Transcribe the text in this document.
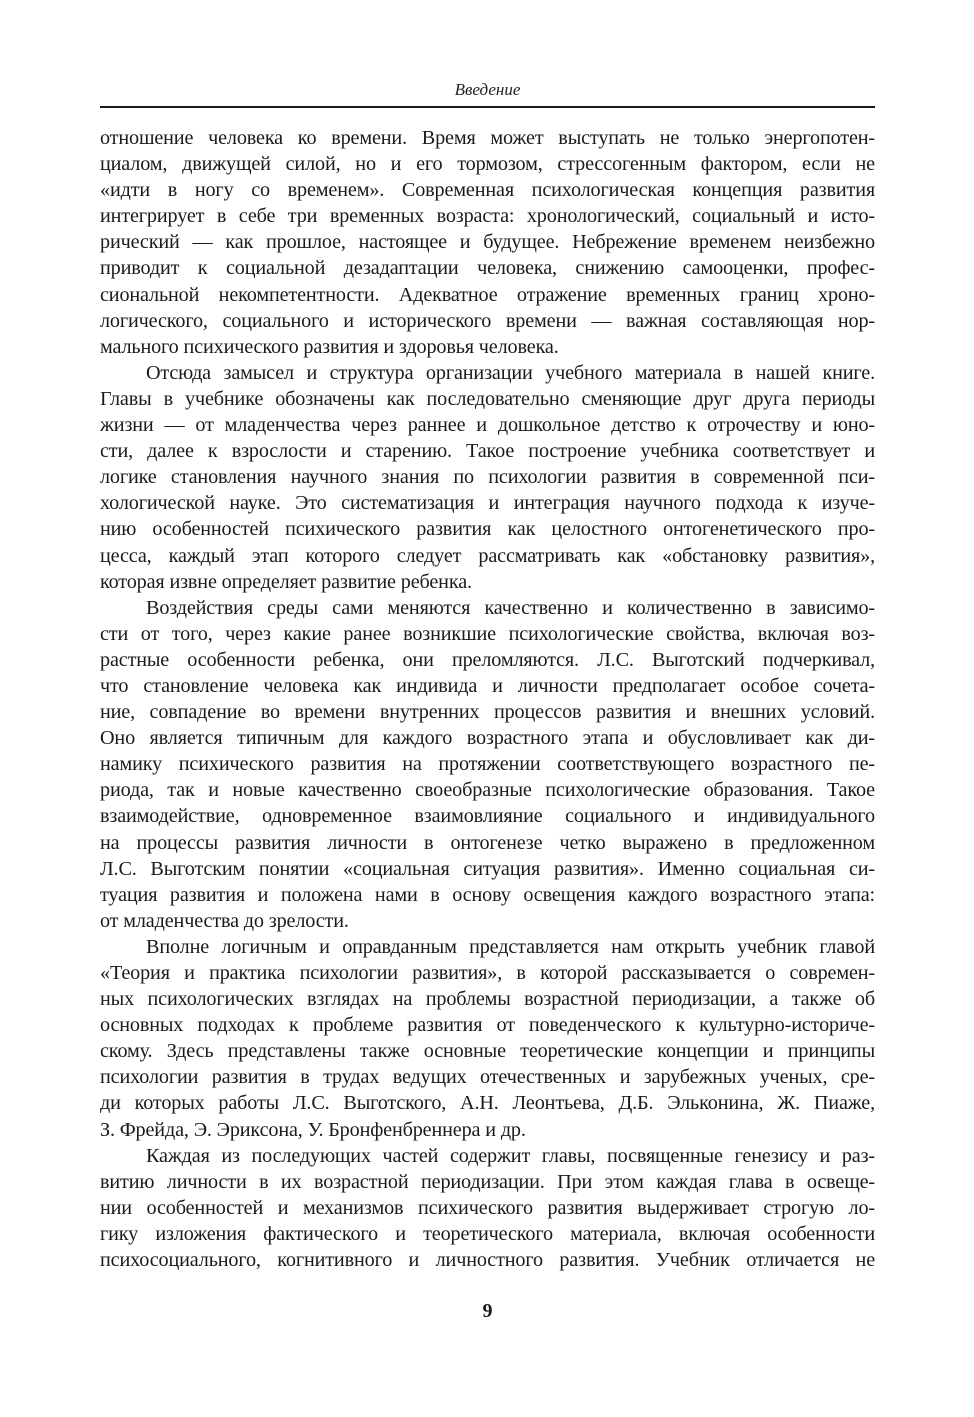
Введение
отношение человека ко времени. Время может выступать не только энергопотен-
циалом, движущей силой, но и его тормозом, стрессогенным фактором, если не
«идти в ногу со временем». Современная психологическая концепция развития
интегрирует в себе три временных возраста: хронологический, социальный и исто-
рический — как прошлое, настоящее и будущее. Небрежение временем неизбежно
приводит к социальной дезадаптации человека, снижению самооценки, профес-
сиональной некомпетентности. Адекватное отражение временных границ хроно-
логического, социального и исторического времени — важная составляющая нор-
мального психического развития и здоровья человека.
Отсюда замысел и структура организации учебного материала в нашей книге.
Главы в учебнике обозначены как последовательно сменяющие друг друга периоды
жизни — от младенчества через раннее и дошкольное детство к отрочеству и юно-
сти, далее к взрослости и старению. Такое построение учебника соответствует и
логике становления научного знания по психологии развития в современной пси-
хологической науке. Это систематизация и интеграция научного подхода к изуче-
нию особенностей психического развития как целостного онтогенетического про-
цесса, каждый этап которого следует рассматривать как «обстановку развития»,
которая извне определяет развитие ребенка.
Воздействия среды сами меняются качественно и количественно в зависимо-
сти от того, через какие ранее возникшие психологические свойства, включая воз-
растные особенности ребенка, они преломляются. Л.С. Выготский подчеркивал,
что становление человека как индивида и личности предполагает особое сочета-
ние, совпадение во времени внутренних процессов развития и внешних условий.
Оно является типичным для каждого возрастного этапа и обусловливает как ди-
намику психического развития на протяжении соответствующего возрастного пе-
риода, так и новые качественно своеобразные психологические образования. Такое
взаимодействие, одновременное взаимовлияние социального и индивидуального
на процессы развития личности в онтогенезе четко выражено в предложенном
Л.С. Выготским понятии «социальная ситуация развития». Именно социальная си-
туация развития и положена нами в основу освещения каждого возрастного этапа:
от младенчества до зрелости.
Вполне логичным и оправданным представляется нам открыть учебник главой
«Теория и практика психологии развития», в которой рассказывается о современ-
ных психологических взглядах на проблемы возрастной периодизации, а также об
основных подходах к проблеме развития от поведенческого к культурно-историче-
скому. Здесь представлены также основные теоретические концепции и принципы
психологии развития в трудах ведущих отечественных и зарубежных ученых, сре-
ди которых работы Л.С. Выготского, А.Н. Леонтьева, Д.Б. Эльконина, Ж. Пиаже,
З. Фрейда, Э. Эриксона, У. Бронфенбреннера и др.
Каждая из последующих частей содержит главы, посвященные генезису и раз-
витию личности в их возрастной периодизации. При этом каждая глава в освеще-
нии особенностей и механизмов психического развития выдерживает строгую ло-
гику изложения фактического и теоретического материала, включая особенности
психосоциального, когнитивного и личностного развития. Учебник отличается не
9
